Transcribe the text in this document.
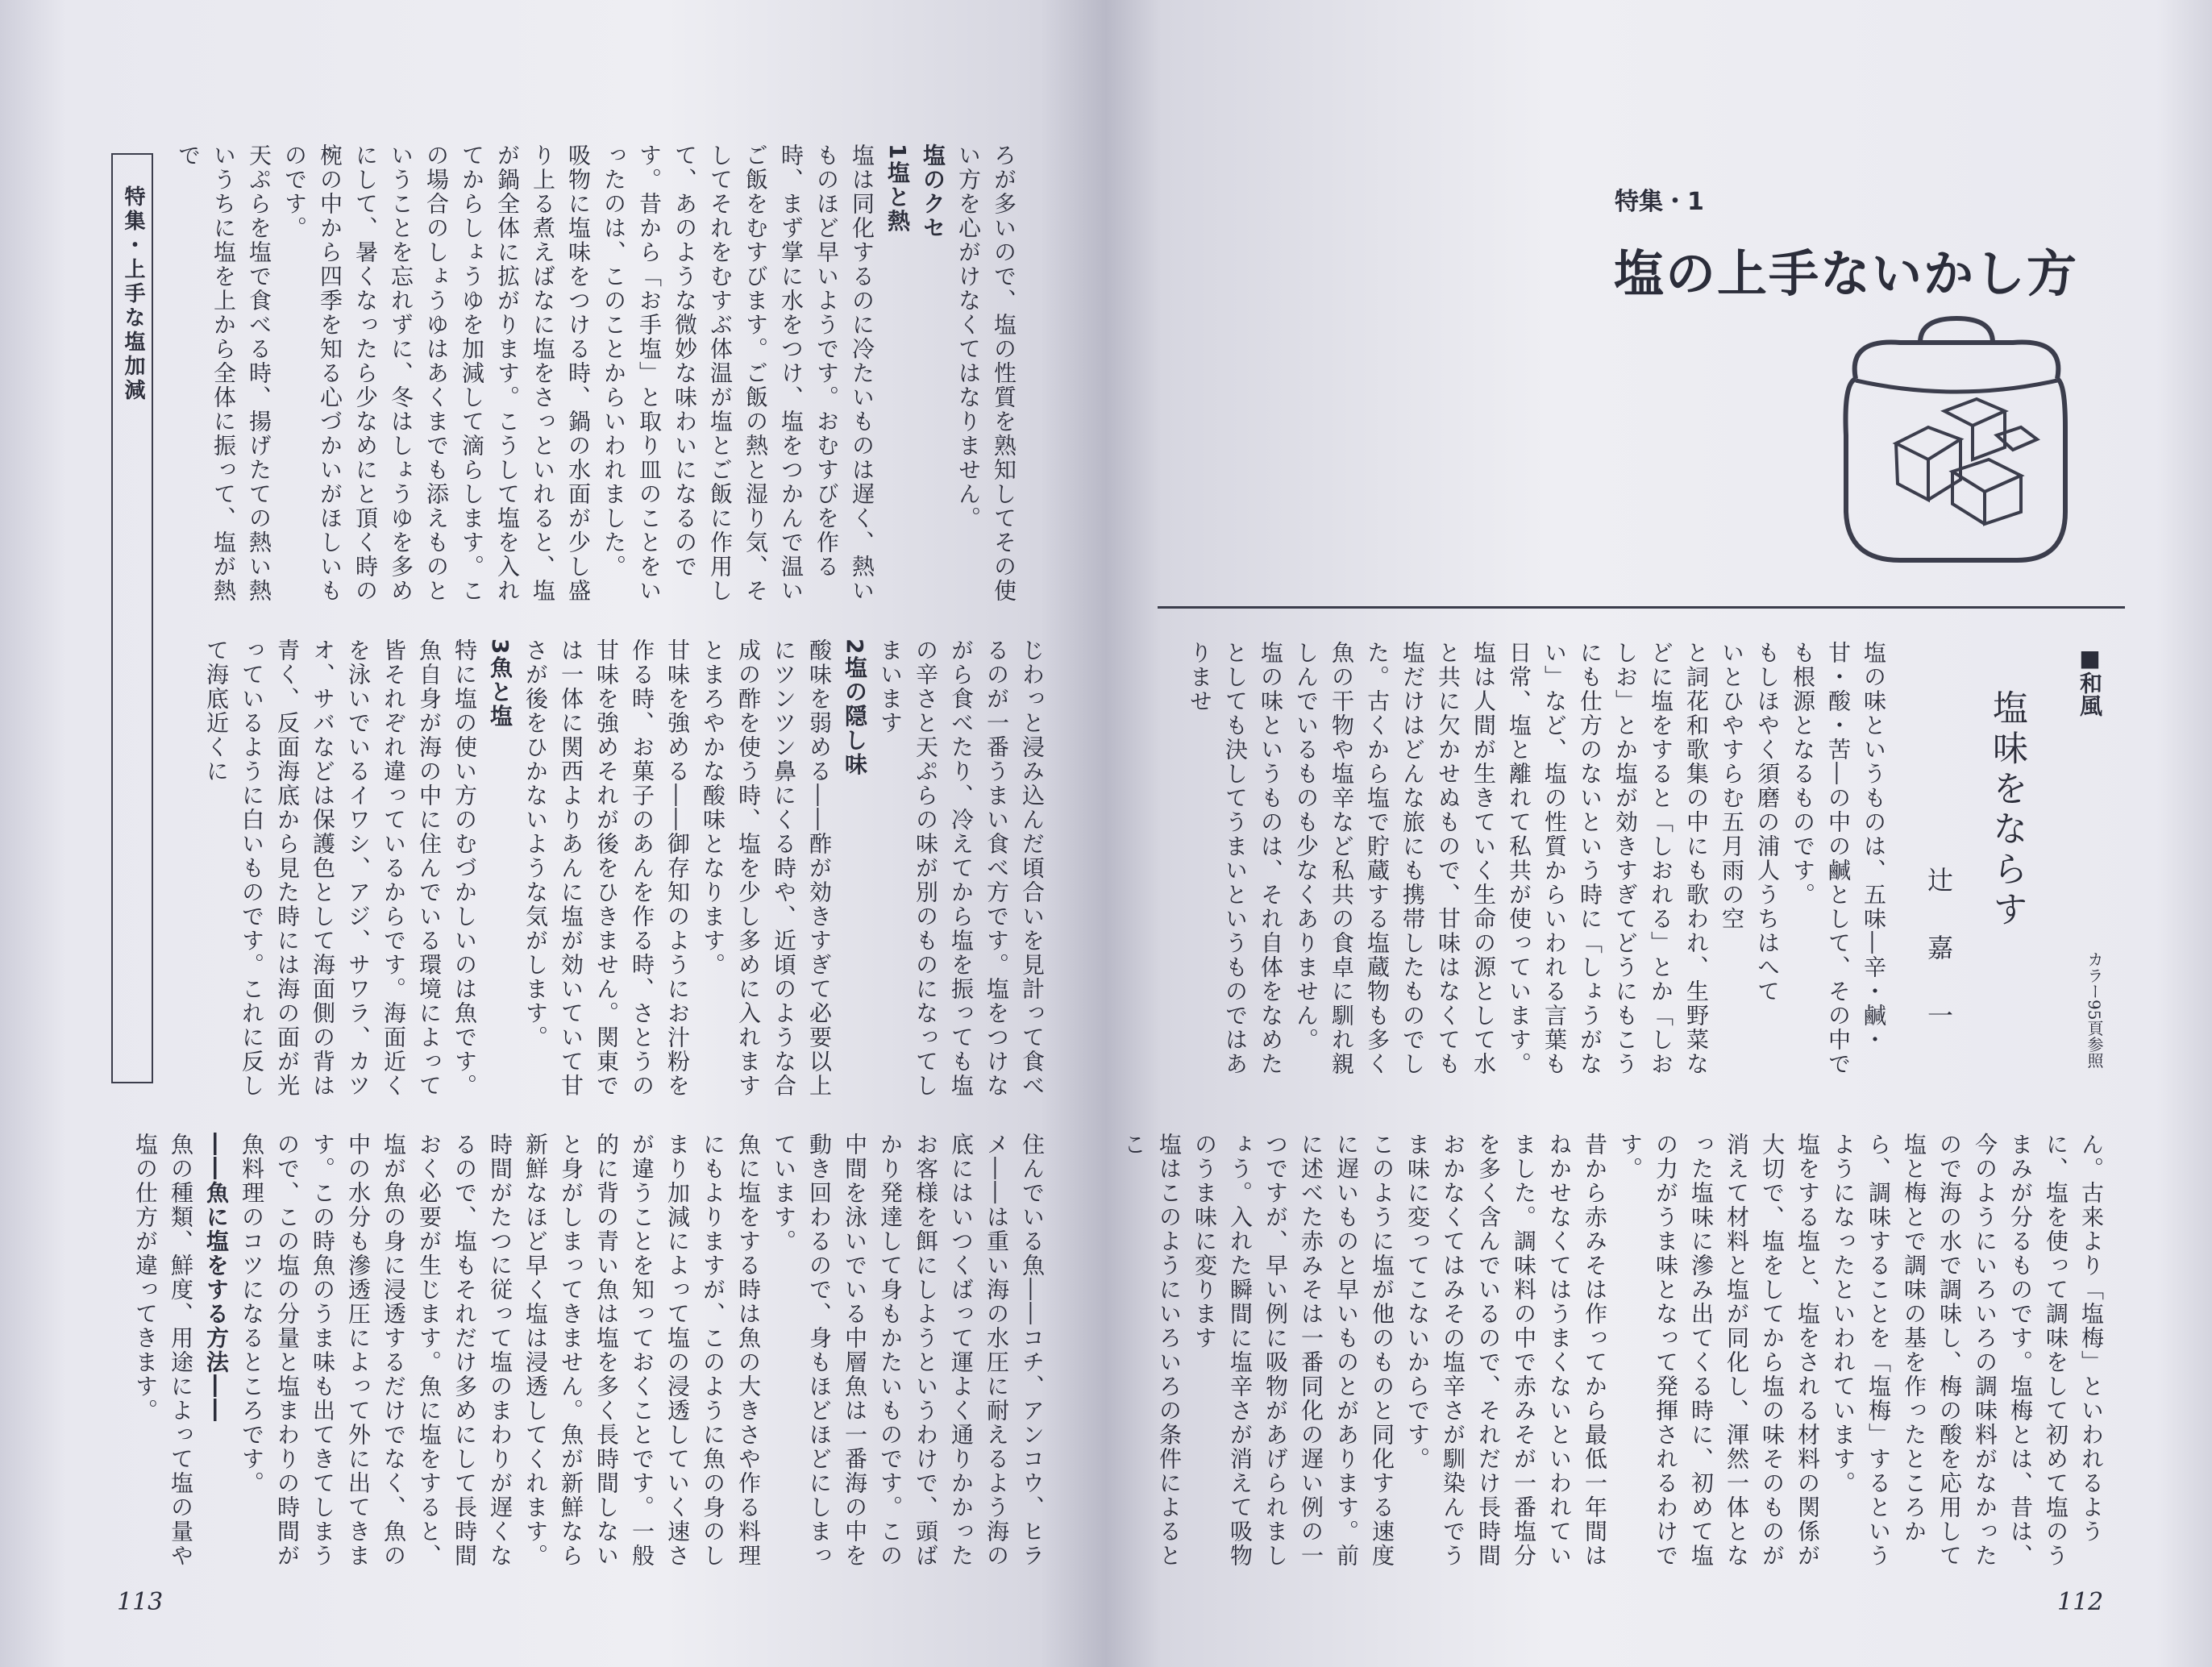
特集・上手な塩加減	ろが多いので、塩の性質を熟知してその使い方を心がけなくてはなりません。

塩のクセ

1塩と熱

塩は同化するのに冷たいものは遅く、熱いものほど早いようです。おむすびを作る時、まず掌に水をつけ、塩をつかんで温いご飯をむすびます。ご飯の熱と湿り気、そしてそれをむすぶ体温が塩とご飯に作用して、あのような微妙な味わいになるのです。昔から「お手塩」と取り皿のことをいったのは、このことからいわれました。

吸物に塩味をつける時、鍋の水面が少し盛り上る煮えばなに塩をさっといれると、塩が鍋全体に拡がります。こうして塩を入れてからしょうゆを加減して滴らします。この場合のしょうゆはあくまでも添えものということを忘れずに、冬はしょうゆを多めにして、暑くなったら少なめにと頂く時の椀の中から四季を知る心づかいがほしいものです。

天ぷらを塩で食べる時、揚げたての熱い熱いうちに塩を上から全体に振って、塩が熱で

じわっと浸み込んだ頃合いを見計って食べるのが一番うまい食べ方です。塩をつけながら食べたり、冷えてから塩を振っても塩の辛さと天ぷらの味が別のものになってしまいます

2塩の隠し味

酸味を弱める――酢が効きすぎて必要以上にツンツン鼻にくる時や、近頃のような合成の酢を使う時、塩を少し多めに入れますとまろやかな酸味となります。

甘味を強める――御存知のようにお汁粉を作る時、お菓子のあんを作る時、さとうの甘味を強めそれが後をひきません。関東では一体に関西よりあんに塩が効いていて甘さが後をひかないような気がします。

3魚と塩

特に塩の使い方のむづかしいのは魚です。魚自身が海の中に住んでいる環境によって皆それぞれ違っているからです。海面近くを泳いでいるイワシ、アジ、サワラ、カツオ、サバなどは保護色として海面側の背は青く、反面海底から見た時には海の面が光っているように白いものです。これに反して海底近くに

住んでいる魚――コチ、アンコウ、ヒラメ――は重い海の水圧に耐えるよう海の底にはいつくばって運よく通りかかったお客様を餌にしようというわけで、頭ばかり発達して身もかたいものです。この中間を泳いでいる中層魚は一番海の中を動き回わるので、身もほどほどにしまっています。

魚に塩をする時は魚の大きさや作る料理にもよりますが、このように魚の身のしまり加減によって塩の浸透していく速さが違うことを知っておくことです。一般的に背の青い魚は塩を多く長時間しないと身がしまってきません。魚が新鮮なら新鮮なほど早く塩は浸透してくれます。時間がたつに従って塩のまわりが遅くなるので、塩もそれだけ多めにして長時間おく必要が生じます。魚に塩をすると、塩が魚の身に浸透するだけでなく、魚の中の水分も滲透圧によって外に出てきます。この時魚のうま味も出てきてしまうので、この塩の分量と塩まわりの時間が魚料理のコツになるところです。

――魚に塩をする方法――

魚の種類、鮮度、用途によって塩の量や塩の仕方が違ってきます。

113
特集・1
塩の上手ないかし方
■和風
塩味をならす
辻　嘉　一	カラー95頁参照

塩の味というものは、五味―辛・鹹・甘・酸・苦―の中の鹹として、その中でも根源となるものです。

もしほやく須磨の浦人うちはへて

いとひやすらむ五月雨の空

と詞花和歌集の中にも歌われ、生野菜などに塩をすると「しおれる」とか「しおしお」とか塩が効きすぎてどうにもこうにも仕方のないという時に「しょうがない」など、塩の性質からいわれる言葉も日常、塩と離れて私共が使っています。塩は人間が生きていく生命の源として水と共に欠かせぬもので、甘味はなくても塩だけはどんな旅にも携帯したものでした。古くから塩で貯蔵する塩蔵物も多く魚の干物や塩辛など私共の食卓に馴れ親しんでいるものも少なくありません。

塩の味というものは、それ自体をなめたとしても決してうまいというものではありませ

ん。古来より「塩梅」といわれるように、塩を使って調味をして初めて塩のうまみが分るものです。塩梅とは、昔は、今のようにいろいろの調味料がなかったので海の水で調味し、梅の酸を応用して塩と梅とで調味の基を作ったところから、調味することを「塩梅」するというようになったといわれています。

塩をする塩と、塩をされる材料の関係が大切で、塩をしてから塩の味そのものが消えて材料と塩が同化し、渾然一体となった塩味に滲み出てくる時に、初めて塩の力がうま味となって発揮されるわけです。

昔から赤みそは作ってから最低一年間はねかせなくてはうまくないといわれていました。調味料の中で赤みそが一番塩分を多く含んでいるので、それだけ長時間おかなくてはみその塩辛さが馴染んでうま味に変ってこないからです。

このように塩が他のものと同化する速度に遅いものと早いものとがあります。前に述べた赤みそは一番同化の遅い例の一つですが、早い例に吸物があげられましょう。入れた瞬間に塩辛さが消えて吸物のうま味に変ります

塩はこのようにいろいろの条件によるとこ

112
